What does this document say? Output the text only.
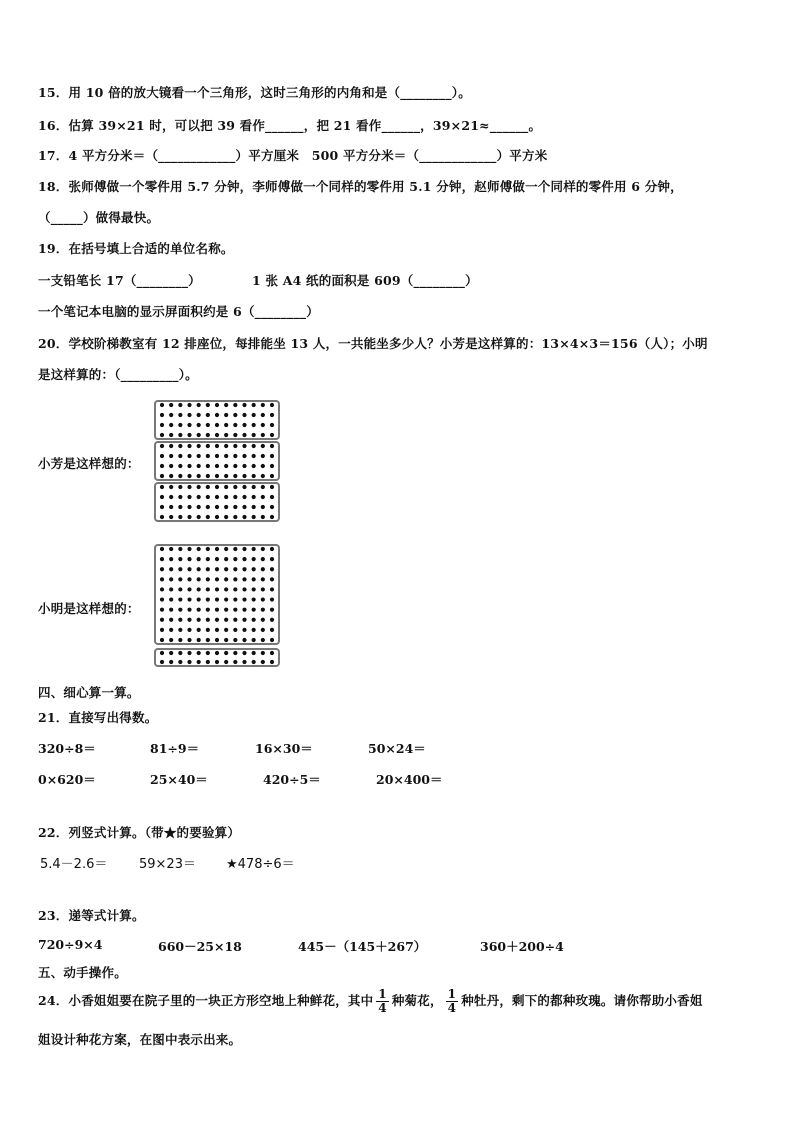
15．用 10 倍的放大镜看一个三角形，这时三角形的内角和是（________）。
16．估算 39×21 时，可以把 39 看作______，把 21 看作______，39×21≈______。
17．4 平方分米＝（____________）平方厘米　500 平方分米＝（____________）平方米
18．张师傅做一个零件用 5.7 分钟，李师傅做一个同样的零件用 5.1 分钟，赵师傅做一个同样的零件用 6 分钟，
（_____）做得最快。
19．在括号填上合适的单位名称。
一支铅笔长 17（________）	1 张 A4 纸的面积是 609（________）
一个笔记本电脑的显示屏面积约是 6（________）
20．学校阶梯教室有 12 排座位，每排能坐 13 人，一共能坐多少人？小芳是这样算的：13×4×3＝156（人）；小明
是这样算的：（_________）。
小芳是这样想的：
小明是这样想的：
四、细心算一算。
21．直接写出得数。
320÷8＝	81÷9＝	16×30＝	50×24＝
0×620＝	25×40＝	420÷5＝	20×400＝
22．列竖式计算。（带★的要验算）
5.4－2.6＝ 59×23＝ ★478÷6＝
23．递等式计算。
720÷9×4	660－25×18	445－（145＋267）	360＋200÷4
五、动手操作。
24．小香姐姐要在院子里的一块正方形空地上种鲜花，其中 $\frac{1}{4}$ 种菊花， $\frac{1}{4}$ 种牡丹，剩下的都种玫瑰。请你帮助小香姐
姐设计种花方案，在图中表示出来。
